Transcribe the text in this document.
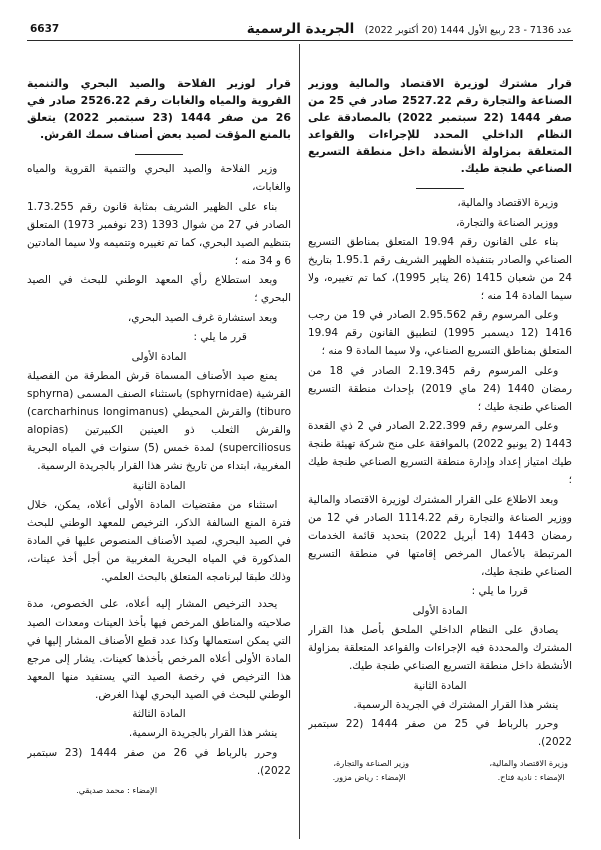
عدد 7136 - 23 ربيع الأول 1444 (20 أكتوبر 2022)
الجريدة الرسمية
6637
قرار مشترك لوزيرة الاقتصاد والمالية ووزير الصناعة والتجارة رقم 2527.22 صادر في 25 من صفر 1444 (22 سبتمبر 2022) بالمصادقة على النظام الداخلي المحدد للإجراءات والقواعد المتعلقة بمزاولة الأنشطة داخل منطقة التسريع الصناعي طنجة طيك.

وزيرة الاقتصاد والمالية،

ووزير الصناعة والتجارة،

بناء على القانون رقم 19.94 المتعلق بمناطق التسريع الصناعي والصادر بتنفيذه الظهير الشريف رقم 1.95.1 بتاريخ 24 من شعبان 1415 (26 يناير 1995)، كما تم تغييره، ولا سيما المادة 14 منه ؛

وعلى المرسوم رقم 2.95.562 الصادر في 19 من رجب 1416 (12 ديسمبر 1995) لتطبيق القانون رقم 19.94 المتعلق بمناطق التسريع الصناعي، ولا سيما المادة 9 منه ؛

وعلى المرسوم رقم 2.19.345 الصادر في 18 من رمضان 1440 (24 ماي 2019) بإحداث منطقة التسريع الصناعي طنجة طيك ؛

وعلى المرسوم رقم 2.22.399 الصادر في 2 ذي القعدة 1443 (2 يونيو 2022) بالموافقة على منح شركة تهيئة طنجة طيك امتياز إعداد وإدارة منطقة التسريع الصناعي طنجة طيك ؛

وبعد الاطلاع على القرار المشترك لوزيرة الاقتصاد والمالية ووزير الصناعة والتجارة رقم 1114.22 الصادر في 12 من رمضان 1443 (14 أبريل 2022) بتحديد قائمة الخدمات المرتبطة بالأعمال المرخص إقامتها في منطقة التسريع الصناعي طنجة طيك،

قررا ما يلي :

المادة الأولى

يصادق على النظام الداخلي الملحق بأصل هذا القرار المشترك والمحددة فيه الإجراءات والقواعد المتعلقة بمزاولة الأنشطة داخل منطقة التسريع الصناعي طنجة طيك.

المادة الثانية

ينشر هذا القرار المشترك في الجريدة الرسمية.

وحرر بالرباط في 25 من صفر 1444 (22 سبتمبر 2022).

وزيرة الاقتصاد والمالية،
الإمضاء : نادية فتاح.
وزير الصناعة والتجارة،
الإمضاء : رياض مزور.
قرار لوزير الفلاحة والصيد البحري والتنمية القروية والمياه والغابات رقم 2526.22 صادر في 26 من صفر 1444 (23 سبتمبر 2022) يتعلق بالمنع المؤقت لصيد بعض أصناف سمك القرش.

وزير الفلاحة والصيد البحري والتنمية القروية والمياه والغابات،

بناء على الظهير الشريف بمثابة قانون رقم 1.73.255 الصادر في 27 من شوال 1393 (23 نوفمبر 1973) المتعلق بتنظيم الصيد البحري، كما تم تغييره وتتميمه ولا سيما المادتين 6 و 34 منه ؛

وبعد استطلاع رأي المعهد الوطني للبحث في الصيد البحري ؛

وبعد استشارة غرف الصيد البحري،

قرر ما يلي :

المادة الأولى

يمنع صيد الأصناف المسماة قرش المطرقة من الفصيلة القرشية (sphyrnidae) باستثناء الصنف المسمى (sphyrna tiburo) والقرش المحيطي (carcharhinus longimanus) والقرش الثعلب ذو العينين الكبيرتين (alopias superciliosus) لمدة خمس (5) سنوات في المياه البحرية المغربية، ابتداء من تاريخ نشر هذا القرار بالجريدة الرسمية.

المادة الثانية

استثناء من مقتضيات المادة الأولى أعلاه، يمكن، خلال فترة المنع السالفة الذكر، الترخيص للمعهد الوطني للبحث في الصيد البحري، لصيد الأصناف المنصوص عليها في المادة المذكورة في المياه البحرية المغربية من أجل أخذ عينات، وذلك طبقا لبرنامجه المتعلق بالبحث العلمي.

يحدد الترخيص المشار إليه أعلاه، على الخصوص، مدة صلاحيته والمناطق المرخص فيها بأخذ العينات ومعدات الصيد التي يمكن استعمالها وكذا عدد قطع الأصناف المشار إليها في المادة الأولى أعلاه المرخص بأخذها كعينات. يشار إلى مرجع هذا الترخيص في رخصة الصيد التي يستفيد منها المعهد الوطني للبحث في الصيد البحري لهذا الغرض.

المادة الثالثة

ينشر هذا القرار بالجريدة الرسمية.

وحرر بالرباط في 26 من صفر 1444 (23 سبتمبر 2022).

الإمضاء : محمد صديقي.
